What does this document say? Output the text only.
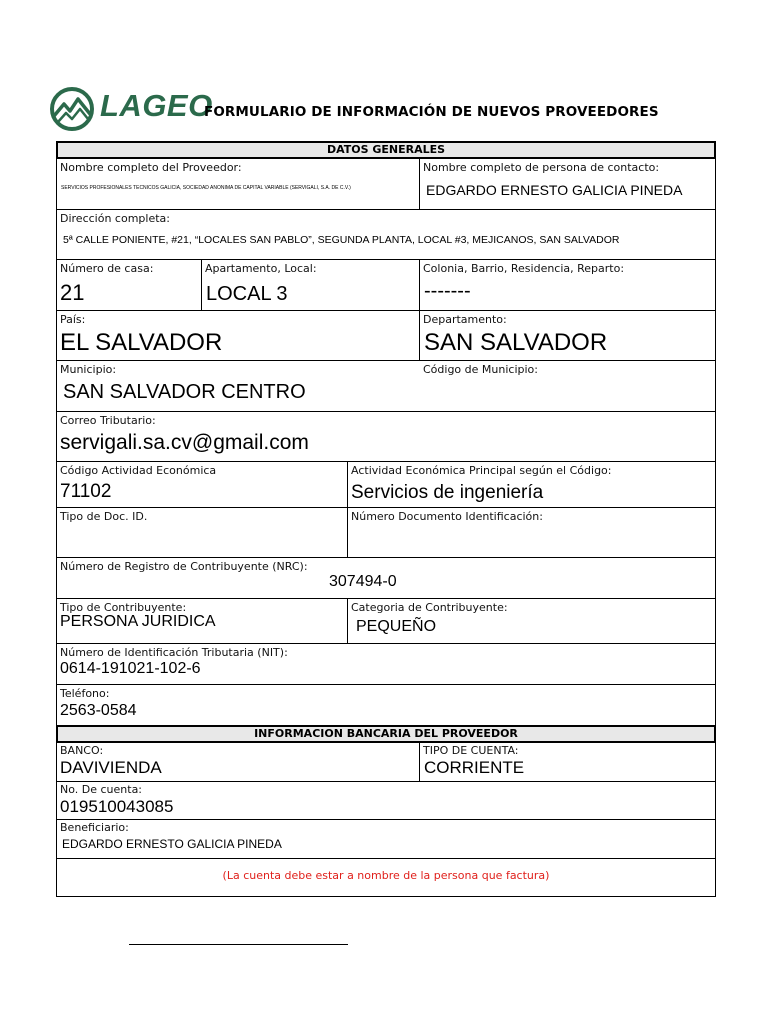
LAGEO
FORMULARIO DE INFORMACIÓN DE NUEVOS PROVEEDORES
DATOS GENERALES
Nombre completo del Proveedor:
SERVICIOS PROFESIONALES TECNICOS GALICIA, SOCIEDAD ANONIMA DE CAPITAL VARIABLE (SERVIGALI, S.A. DE C.V.)
Nombre completo de persona de contacto:
EDGARDO ERNESTO GALICIA PINEDA
Dirección completa:
5ª CALLE PONIENTE, #21, “LOCALES SAN PABLO”, SEGUNDA PLANTA, LOCAL #3, MEJICANOS, SAN SALVADOR
Número de casa:
21
Apartamento, Local:
LOCAL 3
Colonia, Barrio, Residencia, Reparto:
-------
País:
EL SALVADOR
Departamento:
SAN SALVADOR
Municipio:
SAN SALVADOR CENTRO
Código de Municipio:
Correo Tributario:
servigali.sa.cv@gmail.com
Código Actividad Económica
71102
Actividad Económica Principal según el Código:
Servicios de ingeniería
Tipo de Doc. ID.	Número Documento Identificación:
Número de Registro de Contribuyente (NRC):
307494-0
Tipo de Contribuyente:
PERSONA JURIDICA
Categoria de Contribuyente:
PEQUEÑO
Número de Identificación Tributaria (NIT):
0614-191021-102-6
Teléfono:
2563-0584
INFORMACION BANCARIA DEL PROVEEDOR
BANCO:
DAVIVIENDA
TIPO DE CUENTA:
CORRIENTE
No. De cuenta:
019510043085
Beneficiario:
EDGARDO ERNESTO GALICIA PINEDA
(La cuenta debe estar a nombre de la persona que factura)
